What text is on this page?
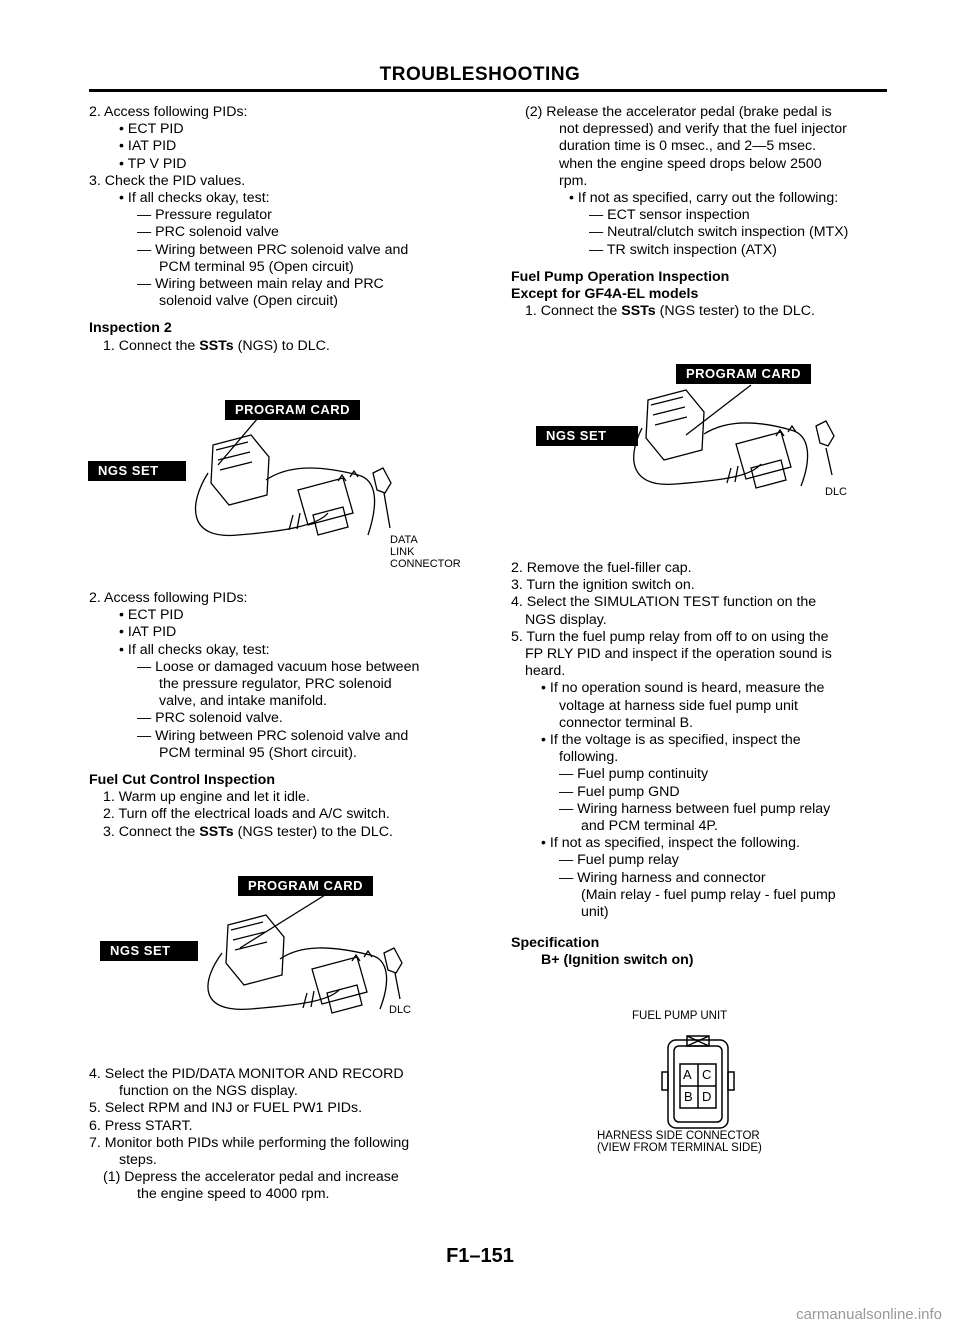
TROUBLESHOOTING
2. Access following PIDs:
• ECT PID
• IAT PID
• TP V PID
3. Check the PID values.
• If all checks okay, test:
— Pressure regulator
— PRC solenoid valve
— Wiring between PRC solenoid valve and
PCM terminal 95 (Open circuit)
— Wiring between main relay and PRC
solenoid valve (Open circuit)
Inspection 2
1. Connect the SSTs (NGS) to DLC.
PROGRAM CARD
NGS SET
DATA
LINK
CONNECTOR
2. Access following PIDs:
• ECT PID
• IAT PID
• If all checks okay, test:
— Loose or damaged vacuum hose between
the pressure regulator, PRC solenoid
valve, and intake manifold.
— PRC solenoid valve.
— Wiring between PRC solenoid valve and
PCM terminal 95 (Short circuit).
Fuel Cut Control Inspection
1. Warm up engine and let it idle.
2. Turn off the electrical loads and A/C switch.
3. Connect the SSTs (NGS tester) to the DLC.
PROGRAM CARD
NGS SET
DLC
4. Select the PID/DATA MONITOR AND RECORD
function on the NGS display.
5. Select RPM and INJ or FUEL PW1 PIDs.
6. Press START.
7. Monitor both PIDs while performing the following
steps.
(1) Depress the accelerator pedal and increase
the engine speed to 4000 rpm.
(2) Release the accelerator pedal (brake pedal is
not depressed) and verify that the fuel injector
duration time is 0 msec., and 2—5 msec.
when the engine speed drops below 2500
rpm.
• If not as specified, carry out the following:
— ECT sensor inspection
— Neutral/clutch switch inspection (MTX)
— TR switch inspection (ATX)
Fuel Pump Operation Inspection
Except for GF4A-EL models
1. Connect the SSTs (NGS tester) to the DLC.
PROGRAM CARD
NGS SET
DLC
2. Remove the fuel-filler cap.
3. Turn the ignition switch on.
4. Select the SIMULATION TEST function on the
NGS display.
5. Turn the fuel pump relay from off to on using the
FP RLY PID and inspect if the operation sound is
heard.
• If no operation sound is heard, measure the
voltage at harness side fuel pump unit
connector terminal B.
• If the voltage is as specified, inspect the
following.
— Fuel pump continuity
— Fuel pump GND
— Wiring harness between fuel pump relay
and PCM terminal 4P.
• If not as specified, inspect the following.
— Fuel pump relay
— Wiring harness and connector
(Main relay - fuel pump relay - fuel pump
unit)
Specification
B+ (Ignition switch on)
FUEL PUMP UNIT
A C
B D
HARNESS SIDE CONNECTOR
(VIEW FROM TERMINAL SIDE)
F1–151
carmanualsonline.info
